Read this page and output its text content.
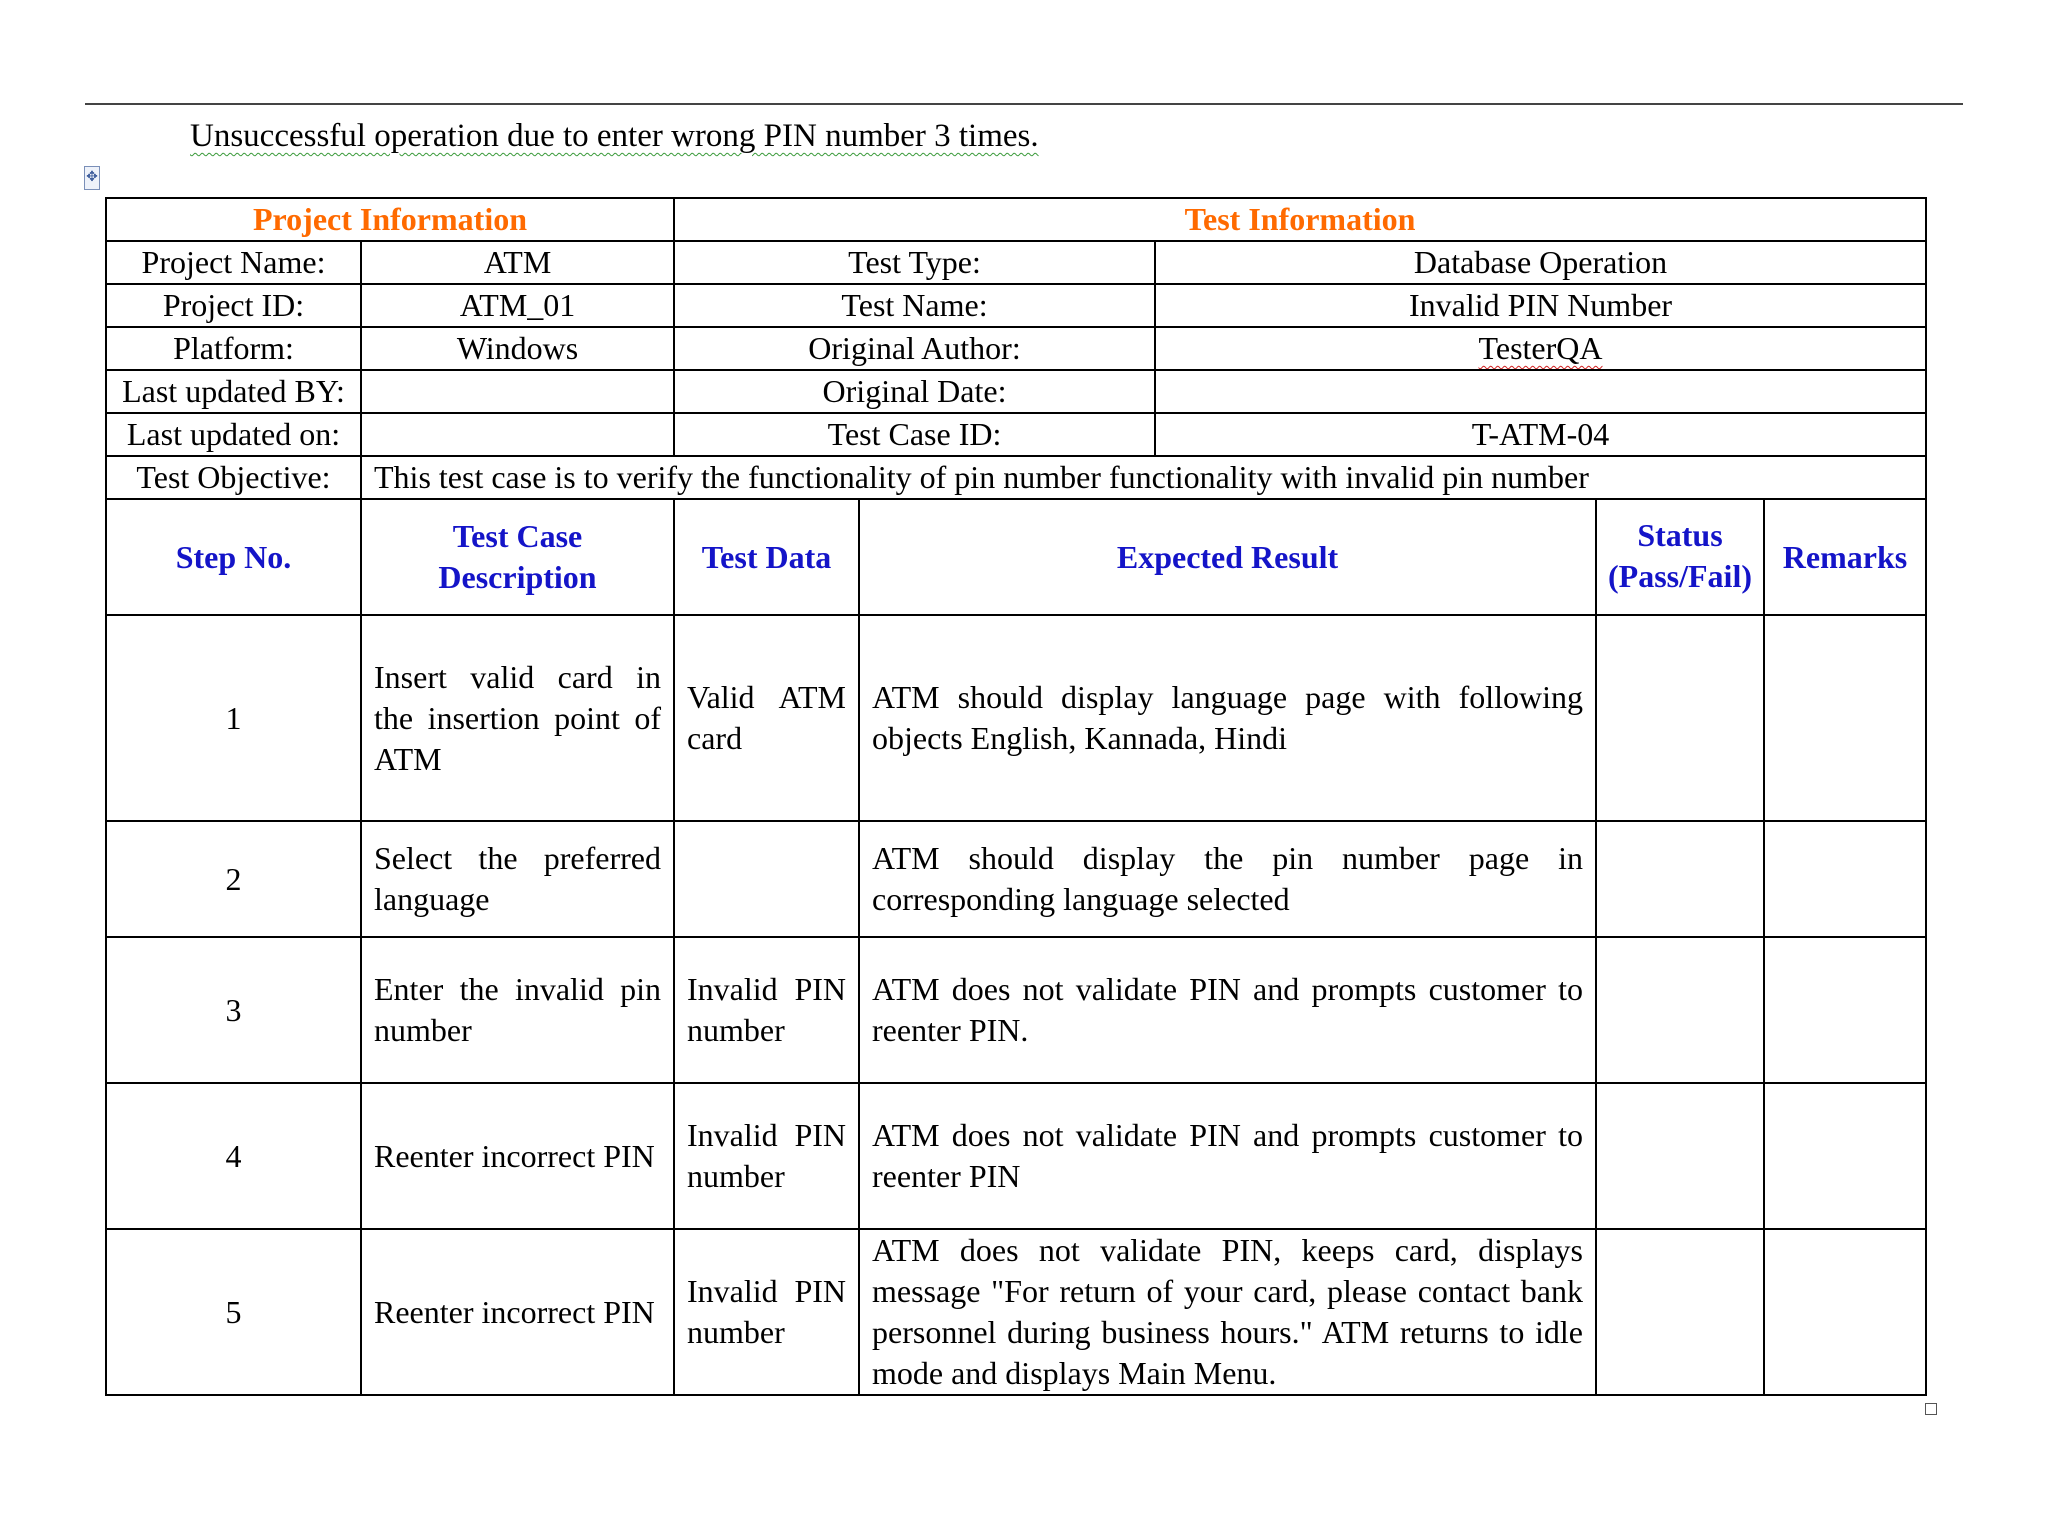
Unsuccessful operation due to enter wrong PIN number 3 times.
✥
Project Information		Test Information				
Project Name:	ATM	Test Type:		Database Operation		
Project ID:	ATM_01	Test Name:		Invalid PIN Number		
Platform:	Windows	Original Author:		TesterQA		
Last updated BY:		Original Date:				
Last updated on:		Test Case ID:		T-ATM-04		
Test Objective:	This test case is to verify the functionality of pin number functionality with invalid pin number					
Step No.	Test Case Description	Test Data	Expected Result		Status (Pass/Fail)	Remarks
1	Insert valid card in the insertion point of ATM	Valid ATM card	ATM should display language page with following objects English, Kannada, Hindi			
2	Select the preferred language		ATM should display the pin number page in corresponding language selected			
3	Enter the invalid pin number	Invalid PIN number	ATM does not validate PIN and prompts customer to reenter PIN.			
4	Reenter incorrect PIN	Invalid PIN number	ATM does not validate PIN and prompts customer to reenter PIN			
5	Reenter incorrect PIN	Invalid PIN number	ATM does not validate PIN, keeps card, displays message "For return of your card, please contact bank personnel during business hours." ATM returns to idle mode and displays Main Menu.			
